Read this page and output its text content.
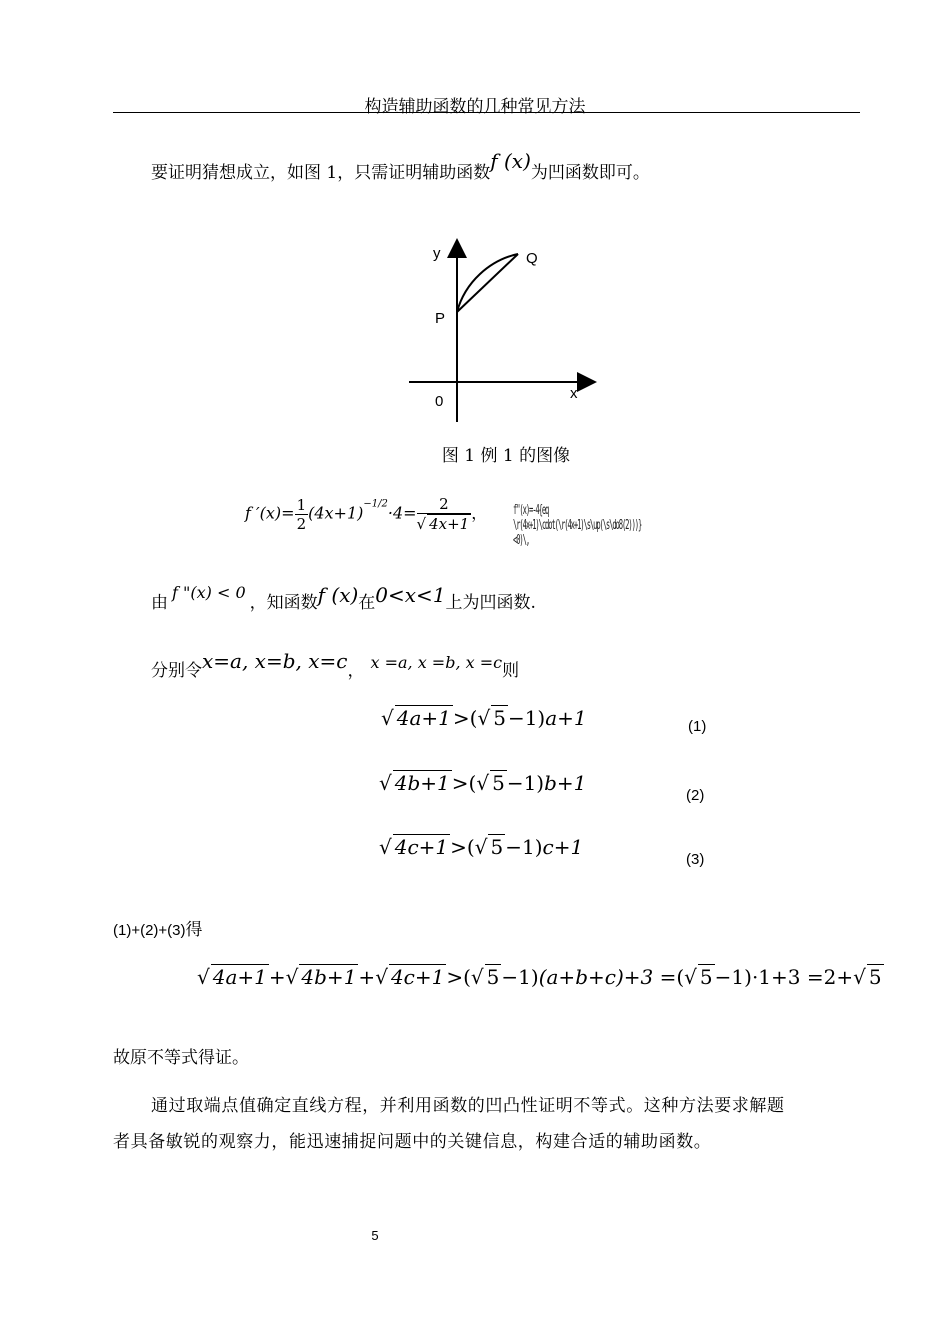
构造辅助函数的几种常见方法
要证明猜想成立，如图 1，只需证明辅助函数f (x)为凹函数即可。
y
x
0
P
Q
图 1 例 1 的图像
f $'(x)= \frac{1}{2} (4x+1)^{-1/2}\cdot 4= \frac{2}{√ 4x+1}$ ， f"(x)=-4{eq \r(4x+1)\cdot(\r(4x+1)\s\up(\s\do8(2)))}<0)\,
由f "(x) < 0，知函数f (x)在0<x<1上为凹函数.
分别令x=a, x=b, x=c， x =a, x =b, x =c则
√ 4a+1 >(√ 5 −1)a+1	(1)
√ 4b+1 >(√ 5 −1)b+1
(2)
√ 4c+1 >(√ 5 −1)c+1
(3)
(1)+(2)+(3)得
√ 4a+1 +√ 4b+1 +√ 4c+1 >(√ 5 −1)(a+b+c)+3 =(√ 5 −1)·1+3 =2+√ 5
故原不等式得证。
通过取端点值确定直线方程，并利用函数的凹凸性证明不等式。这种方法要求解题
者具备敏锐的观察力，能迅速捕捉问题中的关键信息，构建合适的辅助函数。
5
